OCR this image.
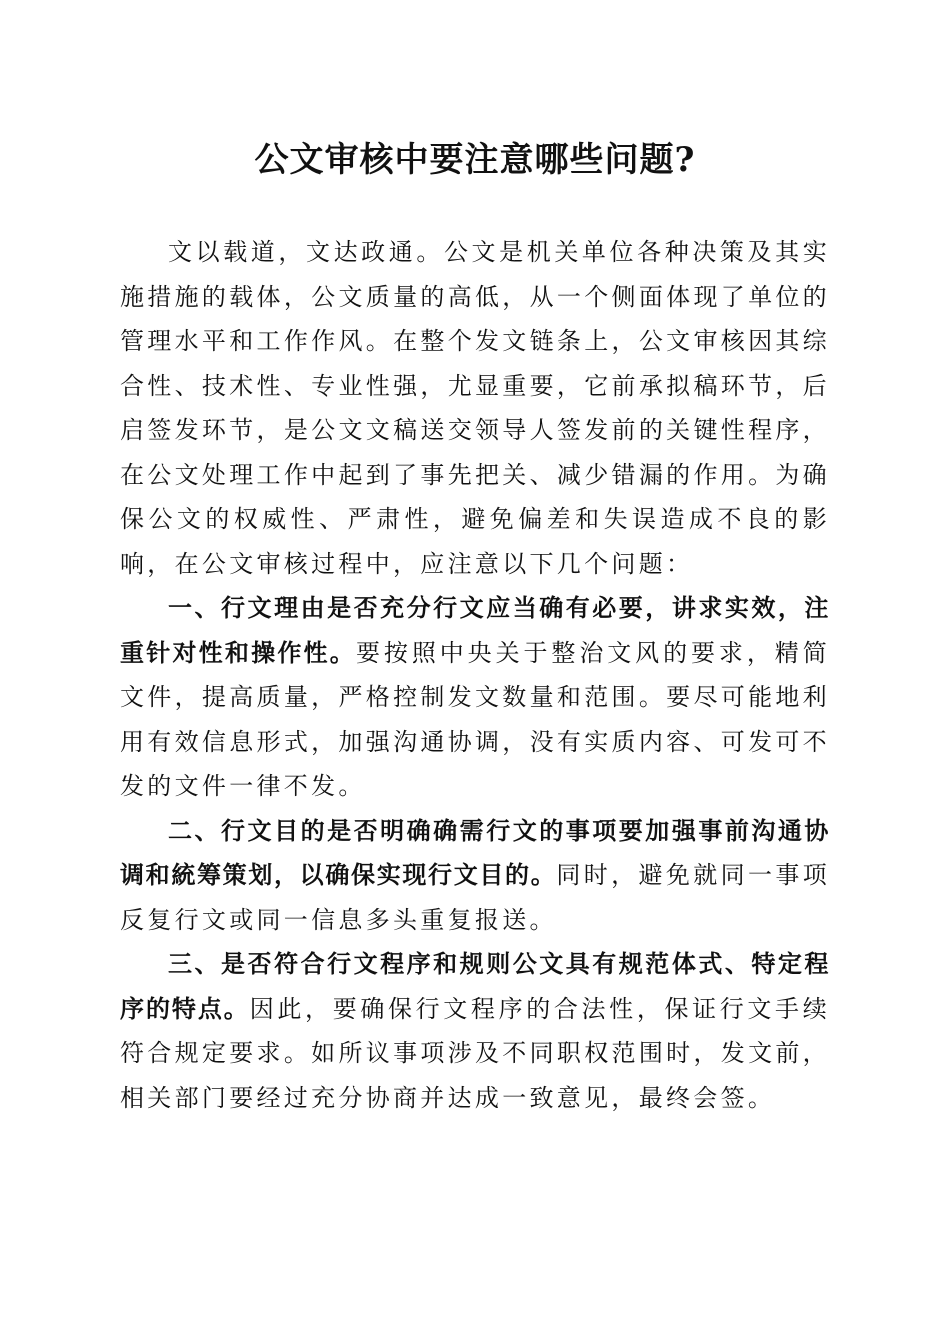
公文审核中要注意哪些问题?

文以载道，文达政通。公文是机关单位各种决策及其实施措施的载体，公文质量的高低，从一个侧面体现了单位的管理水平和工作作风。在整个发文链条上，公文审核因其综合性、技术性、专业性强，尤显重要，它前承拟稿环节，后启签发环节，是公文文稿送交领导人签发前的关键性程序，在公文处理工作中起到了事先把关、减少错漏的作用。为确保公文的权威性、严肃性，避免偏差和失误造成不良的影响，在公文审核过程中，应注意以下几个问题：

一、行文理由是否充分行文应当确有必要，讲求实效，注重针对性和操作性。要按照中央关于整治文风的要求，精简文件，提高质量，严格控制发文数量和范围。要尽可能地利用有效信息形式，加强沟通协调，没有实质内容、可发可不发的文件一律不发。

二、行文目的是否明确确需行文的事项要加强事前沟通协调和統筹策划，以确保实现行文目的。同时，避免就同一事项反复行文或同一信息多头重复报送。

三、是否符合行文程序和规则公文具有规范体式、特定程序的特点。因此，要确保行文程序的合法性，保证行文手续符合规定要求。如所议事项涉及不同职权范围时，发文前，相关部门要经过充分协商并达成一致意见，最终会签。
